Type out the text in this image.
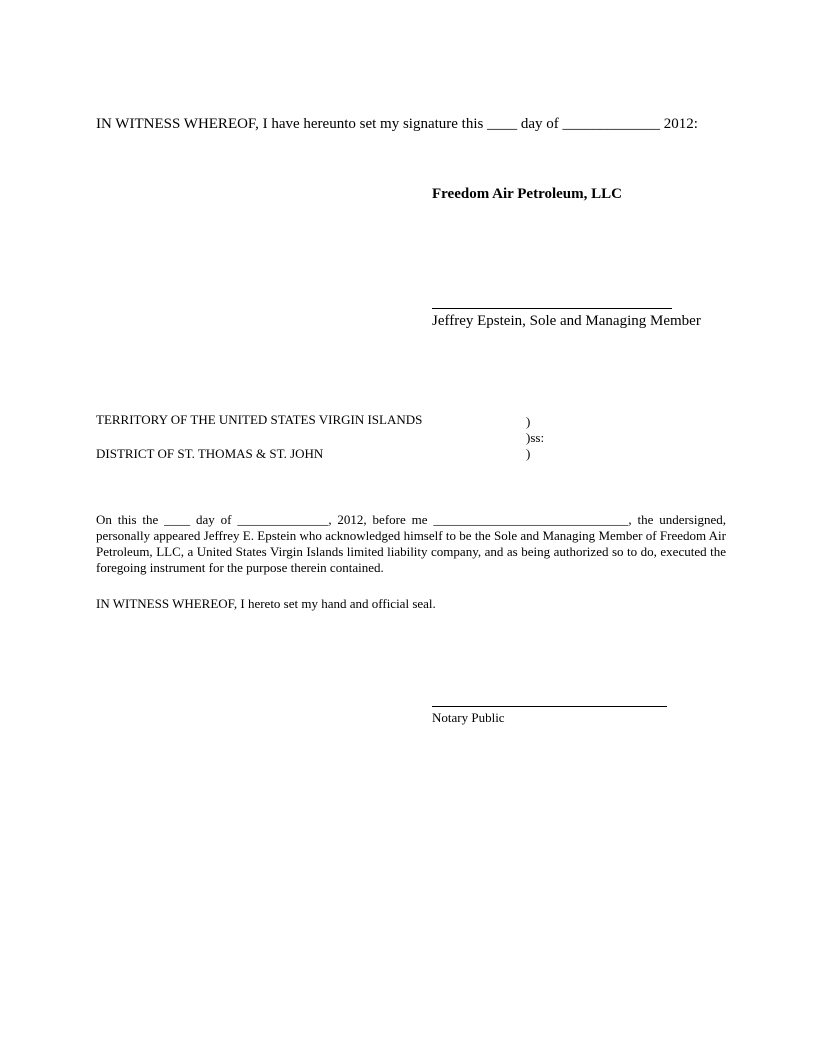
IN WITNESS WHEREOF, I have hereunto set my signature this ____ day of _____________ 2012:
Freedom Air Petroleum, LLC
Jeffrey Epstein, Sole and Managing Member
TERRITORY OF THE UNITED STATES VIRGIN ISLANDS
DISTRICT OF ST. THOMAS & ST. JOHN
)
)ss:
)

On this the ____ day of ______________, 2012, before me ______________________________, the undersigned, personally appeared Jeffrey E. Epstein who acknowledged himself to be the Sole and Managing Member of Freedom Air Petroleum, LLC, a United States Virgin Islands limited liability company, and as being authorized so to do, executed the foregoing instrument for the purpose therein contained.

IN WITNESS WHEREOF, I hereto set my hand and official seal.
Notary Public
